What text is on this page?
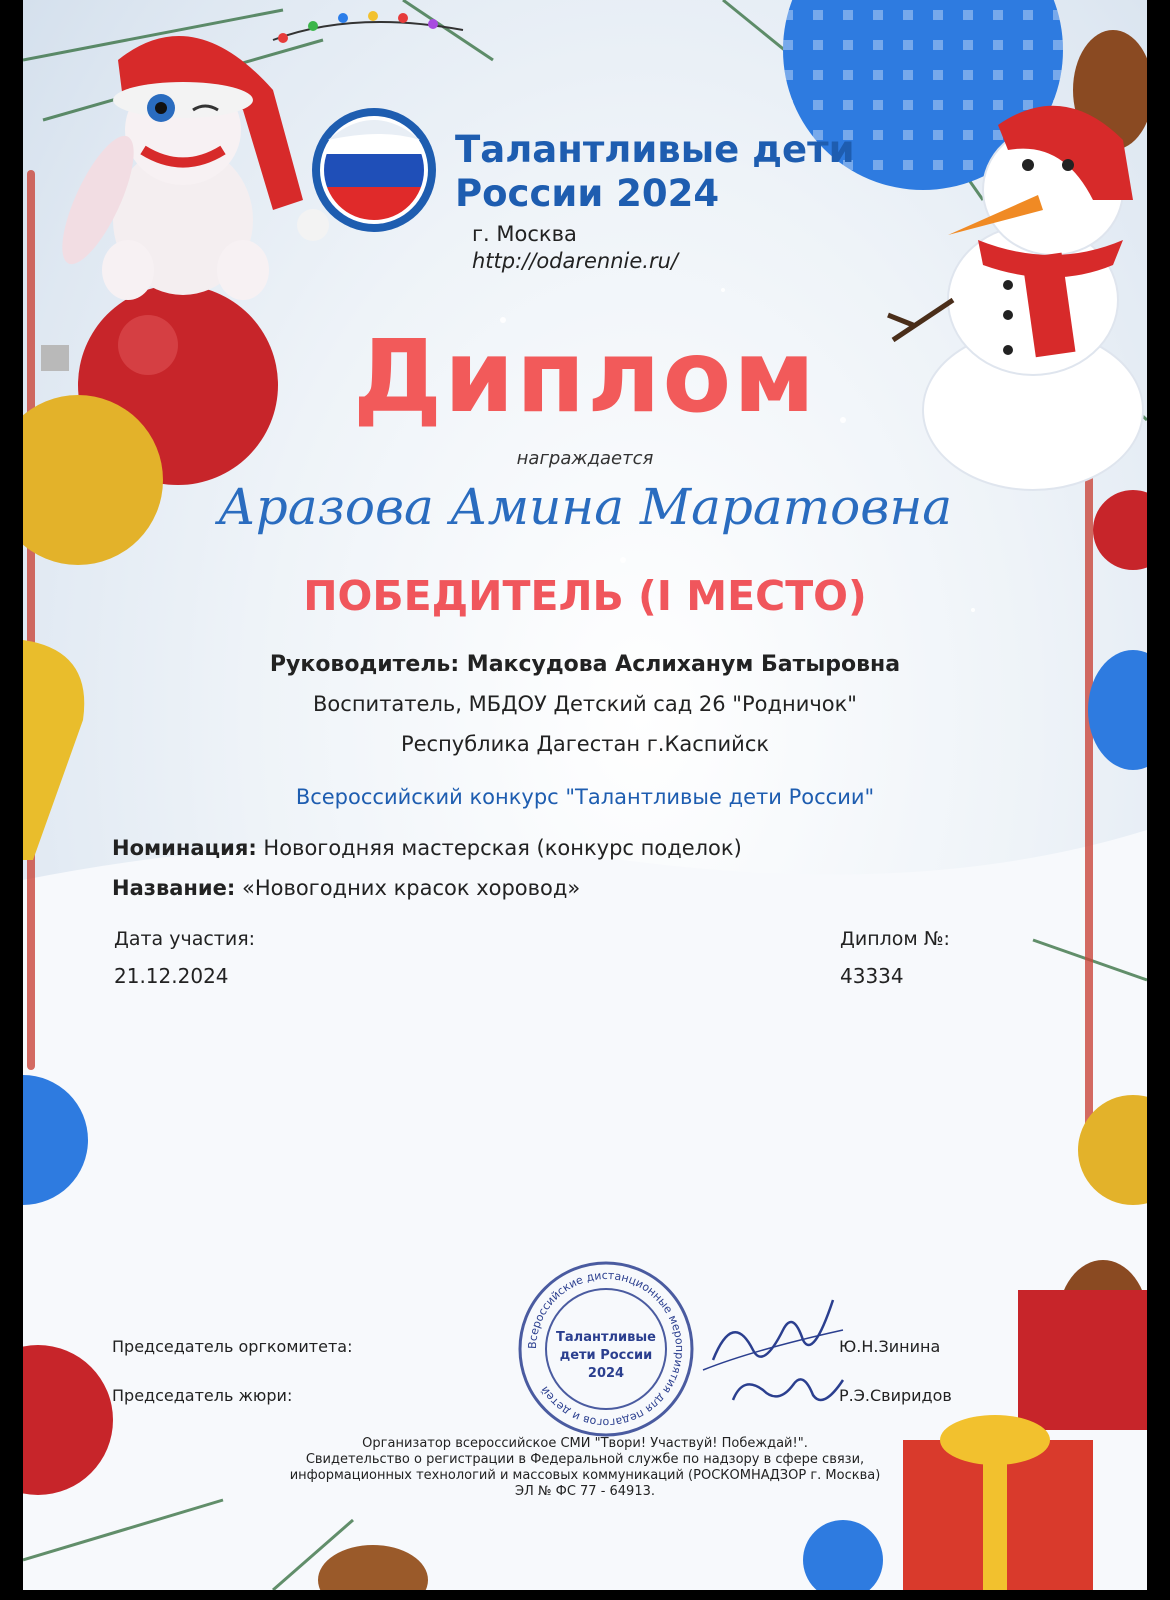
Талантливые дети
России 2024
г. Москва
http://odarennie.ru/
Диплом
награждается
Аразова Амина Маратовна
ПОБЕДИТЕЛЬ (I МЕСТО)
Руководитель: Максудова Аслиханум Батыровна
Воспитатель, МБДОУ Детский сад 26 "Родничок"
Республика Дагестан г.Каспийск
Всероссийский конкурс "Талантливые дети России"
Номинация: Новогодняя мастерская (конкурс поделок)
Название: «Новогодних красок хоровод»
Дата участия:
21.12.2024
Диплом №:
43334
Всероссийские дистанционные мероприятия для педагогов и детей
Талантливые
дети России
2024
Председатель оргкомитета:
Председатель жюри:
Ю.Н.Зинина
Р.Э.Свиридов
Организатор всероссийское СМИ "Твори! Участвуй! Побеждай!".
Свидетельство о регистрации в Федеральной службе по надзору в сфере связи,
информационных технологий и массовых коммуникаций (РОСКОМНАДЗОР г. Москва)
ЭЛ № ФС 77 - 64913.
